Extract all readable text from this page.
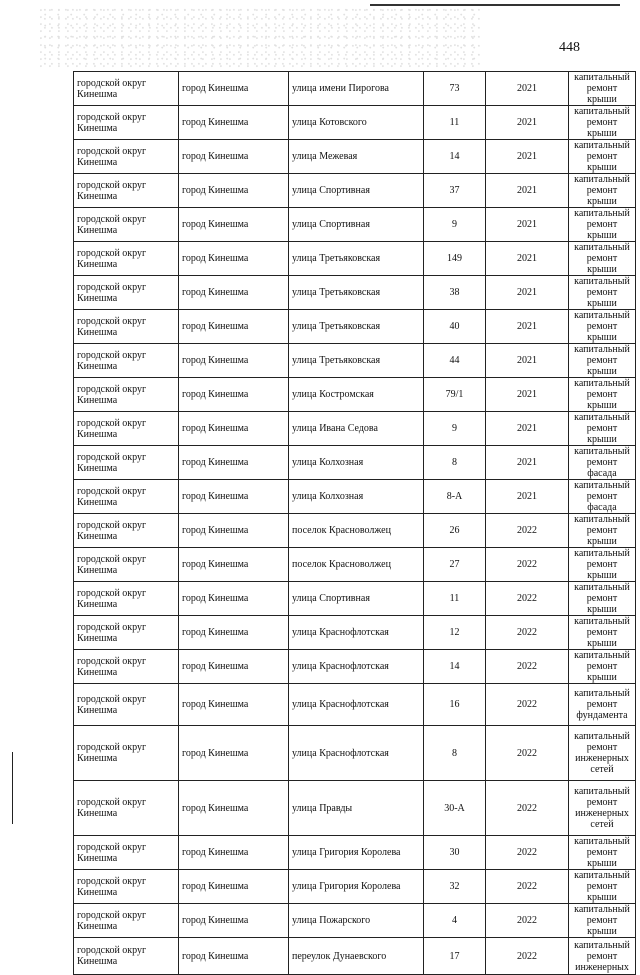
448
городской округ Кинешма	город Кинешма	улица имени Пирогова	73	2021	капитальный ремонт крыши
городской округ Кинешма	город Кинешма	улица Котовского	11	2021	капитальный ремонт крыши
городской округ Кинешма	город Кинешма	улица Межевая	14	2021	капитальный ремонт крыши
городской округ Кинешма	город Кинешма	улица Спортивная	37	2021	капитальный ремонт крыши
городской округ Кинешма	город Кинешма	улица Спортивная	9	2021	капитальный ремонт крыши
городской округ Кинешма	город Кинешма	улица Третьяковская	149	2021	капитальный ремонт крыши
городской округ Кинешма	город Кинешма	улица Третьяковская	38	2021	капитальный ремонт крыши
городской округ Кинешма	город Кинешма	улица Третьяковская	40	2021	капитальный ремонт крыши
городской округ Кинешма	город Кинешма	улица Третьяковская	44	2021	капитальный ремонт крыши
городской округ Кинешма	город Кинешма	улица Костромская	79/1	2021	капитальный ремонт крыши
городской округ Кинешма	город Кинешма	улица Ивана Седова	9	2021	капитальный ремонт крыши
городской округ Кинешма	город Кинешма	улица Колхозная	8	2021	капитальный ремонт фасада
городской округ Кинешма	город Кинешма	улица Колхозная	8-А	2021	капитальный ремонт фасада
городской округ Кинешма	город Кинешма	поселок Красноволжец	26	2022	капитальный ремонт крыши
городской округ Кинешма	город Кинешма	поселок Красноволжец	27	2022	капитальный ремонт крыши
городской округ Кинешма	город Кинешма	улица Спортивная	11	2022	капитальный ремонт крыши
городской округ Кинешма	город Кинешма	улица Краснофлотская	12	2022	капитальный ремонт крыши
городской округ Кинешма	город Кинешма	улица Краснофлотская	14	2022	капитальный ремонт крыши
городской округ Кинешма	город Кинешма	улица Краснофлотская	16	2022	капитальный ремонт фундамента
городской округ Кинешма	город Кинешма	улица Краснофлотская	8	2022	капитальный ремонт инженерных сетей
городской округ Кинешма	город Кинешма	улица Правды	30-А	2022	капитальный ремонт инженерных сетей
городской округ Кинешма	город Кинешма	улица Григория Королева	30	2022	капитальный ремонт крыши
городской округ Кинешма	город Кинешма	улица Григория Королева	32	2022	капитальный ремонт крыши
городской округ Кинешма	город Кинешма	улица Пожарского	4	2022	капитальный ремонт крыши
городской округ Кинешма	город Кинешма	переулок Дунаевского	17	2022	капитальный ремонт инженерных
